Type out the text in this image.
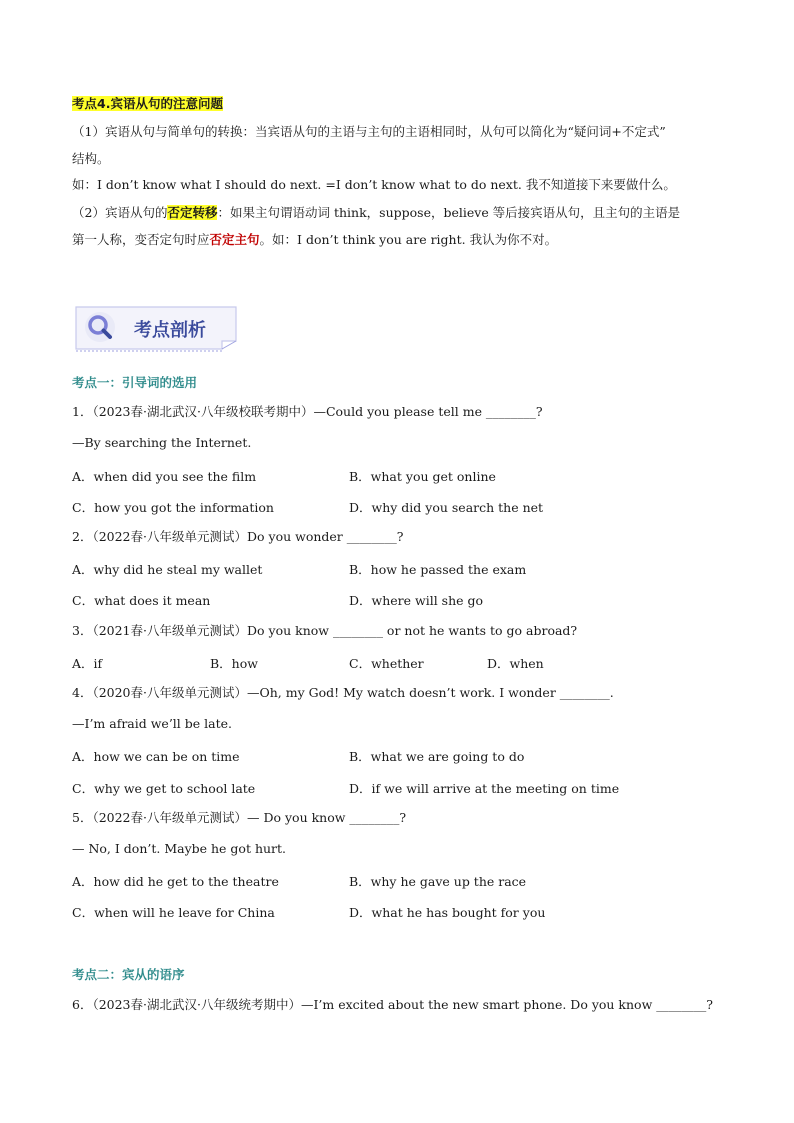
考点4.宾语从句的注意问题
（1）宾语从句与简单句的转换：当宾语从句的主语与主句的主语相同时，从句可以简化为“疑问词+不定式”
结构。
如：I don’t know what I should do next. =I don’t know what to do next. 我不知道接下来要做什么。
（2）宾语从句的否定转移：如果主句谓语动词 think，suppose，believe 等后接宾语从句，且主句的主语是
第一人称，变否定句时应否定主句。如：I don’t think you are right. 我认为你不对。
考点剖析
考点一：引导词的选用
1．（2023春·湖北武汉·八年级校联考期中）—Could you please tell me ________?
—By searching the Internet.
A．when did you see the film	B．what you get online
C．how you got the information	D．why did you search the net
2．（2022春·八年级单元测试）Do you wonder ________?
A．why did he steal my wallet	B．how he passed the exam
C．what does it mean	D．where will she go
3．（2021春·八年级单元测试）Do you know ________ or not he wants to go abroad?
A．if	B．how	C．whether	D．when
4．（2020春·八年级单元测试）—Oh, my God! My watch doesn’t work. I wonder ________.
—I’m afraid we’ll be late.
A．how we can be on time	B．what we are going to do
C．why we get to school late	D．if we will arrive at the meeting on time
5．（2022春·八年级单元测试）— Do you know ________?
— No, I don’t. Maybe he got hurt.
A．how did he get to the theatre	B．why he gave up the race
C．when will he leave for China	D．what he has bought for you
考点二：宾从的语序
6．（2023春·湖北武汉·八年级统考期中）—I’m excited about the new smart phone. Do you know ________?
